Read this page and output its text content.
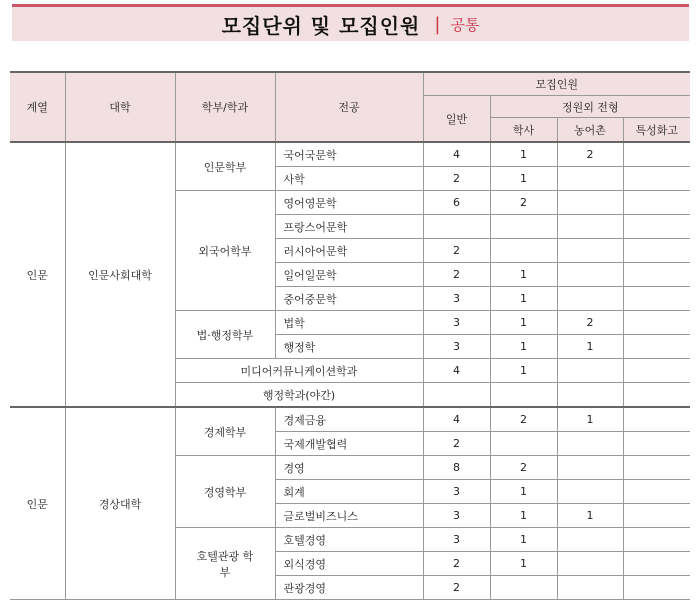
모집단위 및 모집인원 | 공통
계열	대학	학부/학과	전공	모집인원			
				일반	정원외 전형		
					학사	농어촌	특성화고
인문	인문사회대학	인문학부	국어국문학	4	1	2	
			사학	2	1		
		외국어학부	영어영문학	6	2		
			프랑스어문학				
			러시아어문학	2			
			일어일문학	2	1		
			중어중문학	3	1		
		법·행정학부	법학	3	1	2	
			행정학	3	1	1	
		미디어커뮤니케이션학과		4	1		
		행정학과(야간)					
인문	경상대학	경제학부	경제금융	4	2	1	
			국제개발협력	2			
		경영학부	경영	8	2		
			회계	3	1		
			글로벌비즈니스	3	1	1	
		호텔관광 학부	호텔경영	3	1		
			외식경영	2	1		
			관광경영	2			
